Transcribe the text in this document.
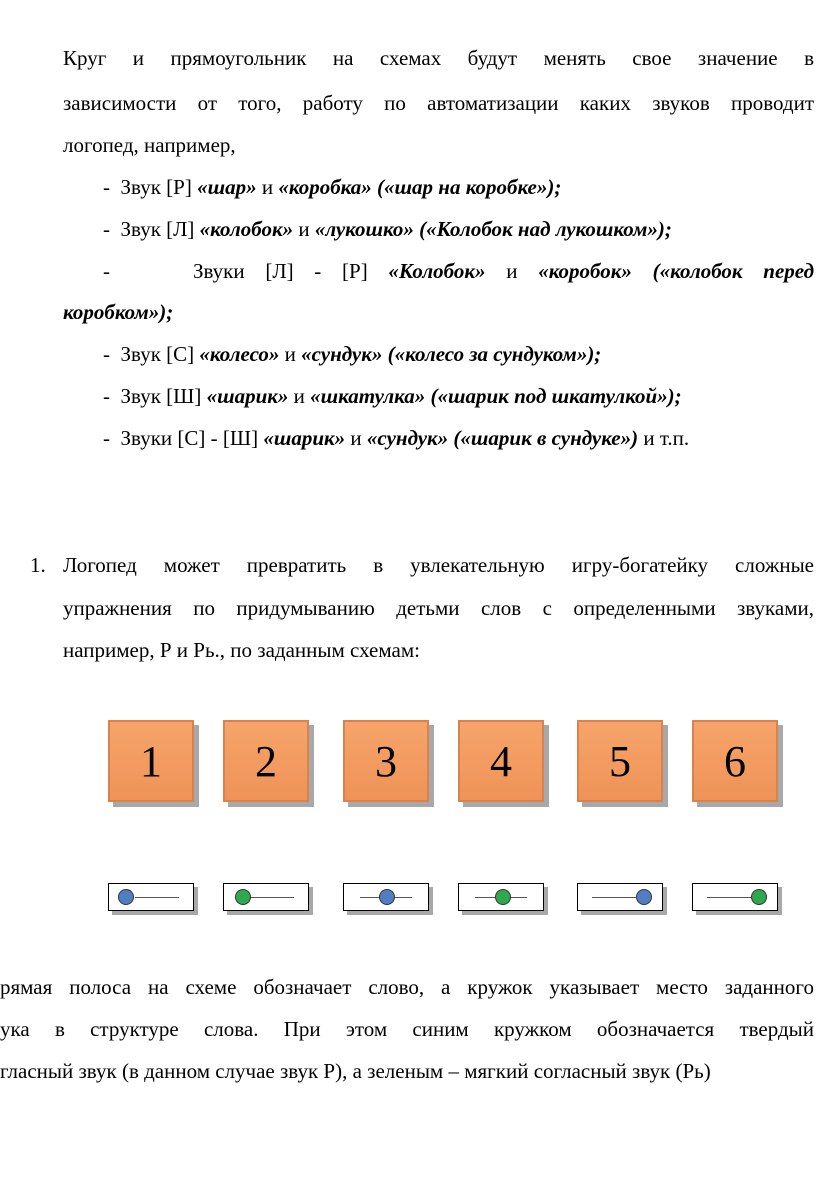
Круг и прямоугольник на схемах будут менять свое значение в
зависимости от того, работу по автоматизации каких звуков проводит
логопед, например,
- Звук [Р] «шар» и «коробка» («шар на коробке»);
- Звук [Л] «колобок» и «лукошко» («Колобок над лукошком»);
-	Звуки [Л] - [Р] «Колобок» и «коробок» («колобок перед
коробком»);
- Звук [С] «колесо» и «сундук» («колесо за сундуком»);
- Звук [Ш] «шарик» и «шкатулка» («шарик под шкатулкой»);
- Звуки [С] - [Ш] «шарик» и «сундук» («шарик в сундуке») и т.п.
1. Логопед может превратить в увлекательную игру-богатейку сложные
упражнения по придумыванию детьми слов с определенными звуками,
например, Р и Рь., по заданным схемам:
1	2	3	4	5	6
рямая полоса на схеме обозначает слово, а кружок указывает место заданного
ука в структуре слова. При этом синим кружком обозначается твердый
гласный звук (в данном случае звук Р), а зеленым – мягкий согласный звук (Рь)
